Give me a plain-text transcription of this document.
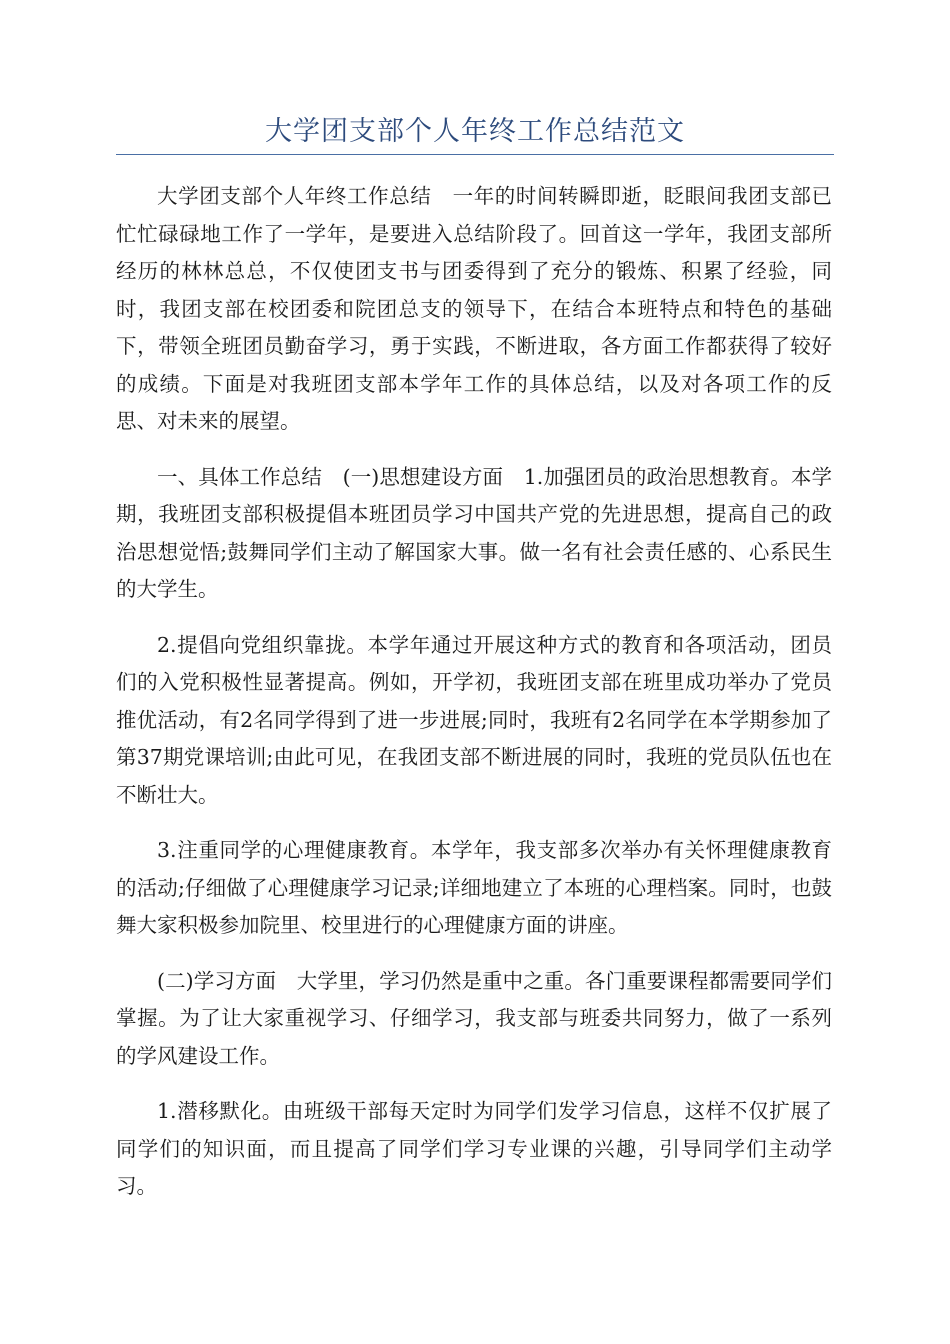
大学团支部个人年终工作总结范文

大学团支部个人年终工作总结　一年的时间转瞬即逝，眨眼间我团支部已忙忙碌碌地工作了一学年，是要进入总结阶段了。回首这一学年，我团支部所经历的林林总总，不仅使团支书与团委得到了充分的锻炼、积累了经验，同时，我团支部在校团委和院团总支的领导下，在结合本班特点和特色的基础下，带领全班团员勤奋学习，勇于实践，不断进取，各方面工作都获得了较好的成绩。下面是对我班团支部本学年工作的具体总结，以及对各项工作的反思、对未来的展望。

一、具体工作总结　(一)思想建设方面　1.加强团员的政治思想教育。本学期，我班团支部积极提倡本班团员学习中国共产党的先进思想，提高自己的政治思想觉悟;鼓舞同学们主动了解国家大事。做一名有社会责任感的、心系民生的大学生。

2.提倡向党组织靠拢。本学年通过开展这种方式的教育和各项活动，团员们的入党积极性显著提高。例如，开学初，我班团支部在班里成功举办了党员推优活动，有2名同学得到了进一步进展;同时，我班有2名同学在本学期参加了第37期党课培训;由此可见，在我团支部不断进展的同时，我班的党员队伍也在不断壮大。

3.注重同学的心理健康教育。本学年，我支部多次举办有关怀理健康教育的活动;仔细做了心理健康学习记录;详细地建立了本班的心理档案。同时，也鼓舞大家积极参加院里、校里进行的心理健康方面的讲座。

(二)学习方面　大学里，学习仍然是重中之重。各门重要课程都需要同学们掌握。为了让大家重视学习、仔细学习，我支部与班委共同努力，做了一系列的学风建设工作。

1.潜移默化。由班级干部每天定时为同学们发学习信息，这样不仅扩展了同学们的知识面，而且提高了同学们学习专业课的兴趣，引导同学们主动学习。
